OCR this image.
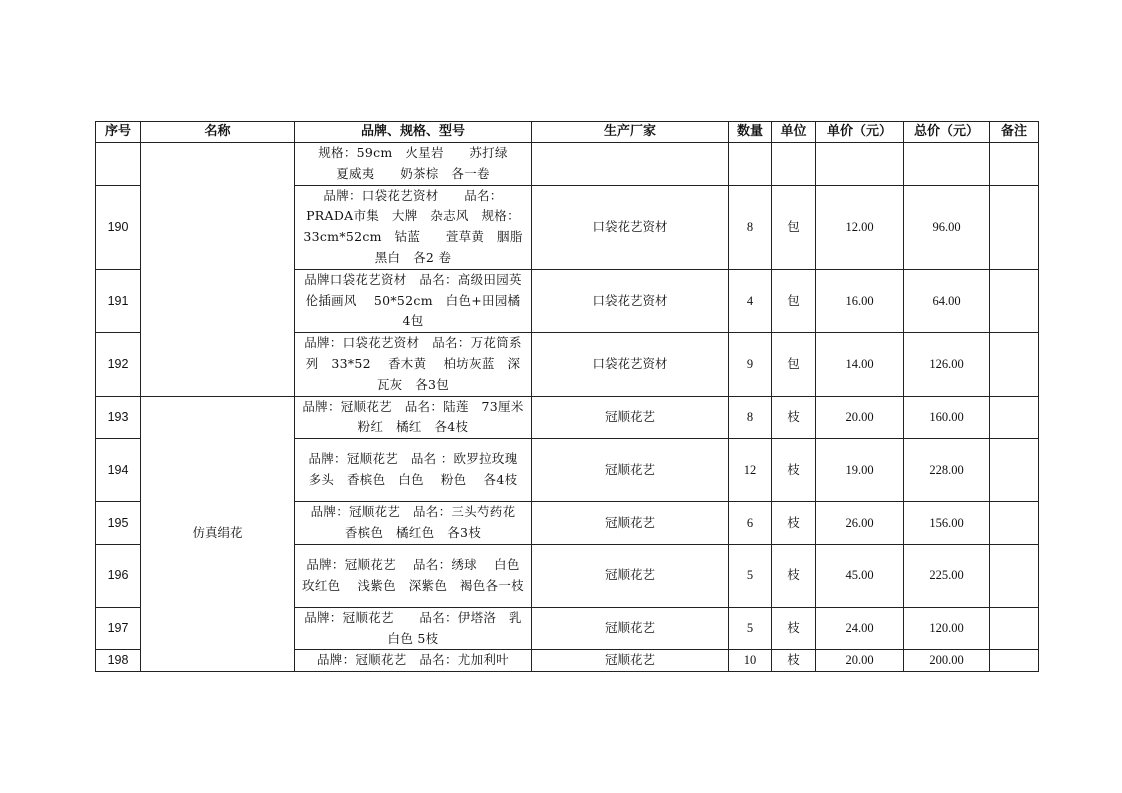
序号	名称	品牌、规格、型号	生产厂家	数量	单位	单价（元）	总价（元）	备注
		规格：59cm　火星岩　　苏打绿　　夏威夷　　奶茶棕　各一卷						
190		品牌：口袋花艺资材　　品名：PRADA市集　大牌　杂志风　规格：33cm*52cm　钴蓝　　萱草黄　胭脂黑白　各2 卷	口袋花艺资材	8	包	12.00	96.00	
191		品牌口袋花艺资材　品名：高级田园英伦插画风　 50*52cm　白色+田园橘　　4包	口袋花艺资材	4	包	16.00	64.00	
192		品牌：口袋花艺资材　品名：万花筒系列　33*52　 香木黄　 柏坊灰蓝　深瓦灰　各3包	口袋花艺资材	9	包	14.00	126.00	
193	仿真绢花	品牌：冠顺花艺　品名：陆莲　73厘米　　粉红　橘红　各4枝	冠顺花艺	8	枝	20.00	160.00	
194		品牌：冠顺花艺　品名 ：欧罗拉玫瑰　　多头　香槟色　白色　 粉色　 各4枝	冠顺花艺	12	枝	19.00	228.00	
195		品牌：冠顺花艺　品名：三头芍药花　香槟色　橘红色　各3枝	冠顺花艺	6	枝	26.00	156.00	
196		品牌：冠顺花艺　 品名：绣球　 白色　 玫红色　 浅紫色　深紫色　褐色各一枝	冠顺花艺	5	枝	45.00	225.00	
197		品牌：冠顺花艺　　品名：伊塔洛　乳白色 5枝	冠顺花艺	5	枝	24.00	120.00	
198		品牌：冠顺花艺　品名：尤加利叶	冠顺花艺	10	枝	20.00	200.00	
